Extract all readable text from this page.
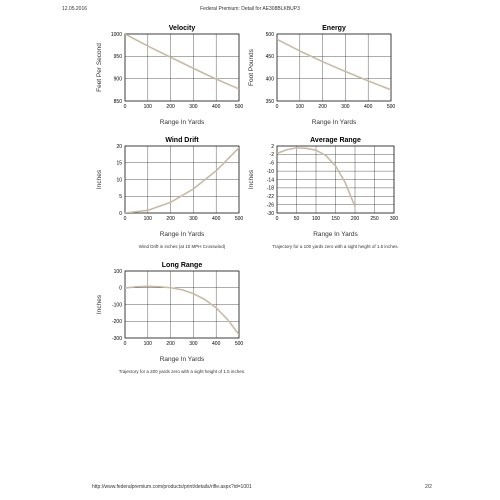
12.05.2016	Federal Premium: Detail for AE308BLKBUP3
Velocity
0	100	200	300	400	500
850
900
950
1000
Range In Yards
Feet Per Second
Energy
0	100	200	300	400	500
350
400
450
500
Range In Yards
Foot Pounds
Wind Drift
0	100	200	300	400	500
0
5
10
15
20
Range In Yards
Inches
Wind Drift in inches (at 10 MPH Crosswind)
Average Range
0	50	100 150 200 250 300
2
-2
-6
-10
-14
-18
-22
-26
-30
Range In Yards
Inches
Trajectory for a 100 yards zero with a sight height of 1.5 inches.
Long Range
0	100	200	300	400	500
100
0
-100
-200
-300
Range In Yards
Inches
Trajectory for a 200 yards zero with a sight height of 1.5 inches.
http://www.federalpremium.com/products/print/details/rifle.aspx?id=1001	2/2
